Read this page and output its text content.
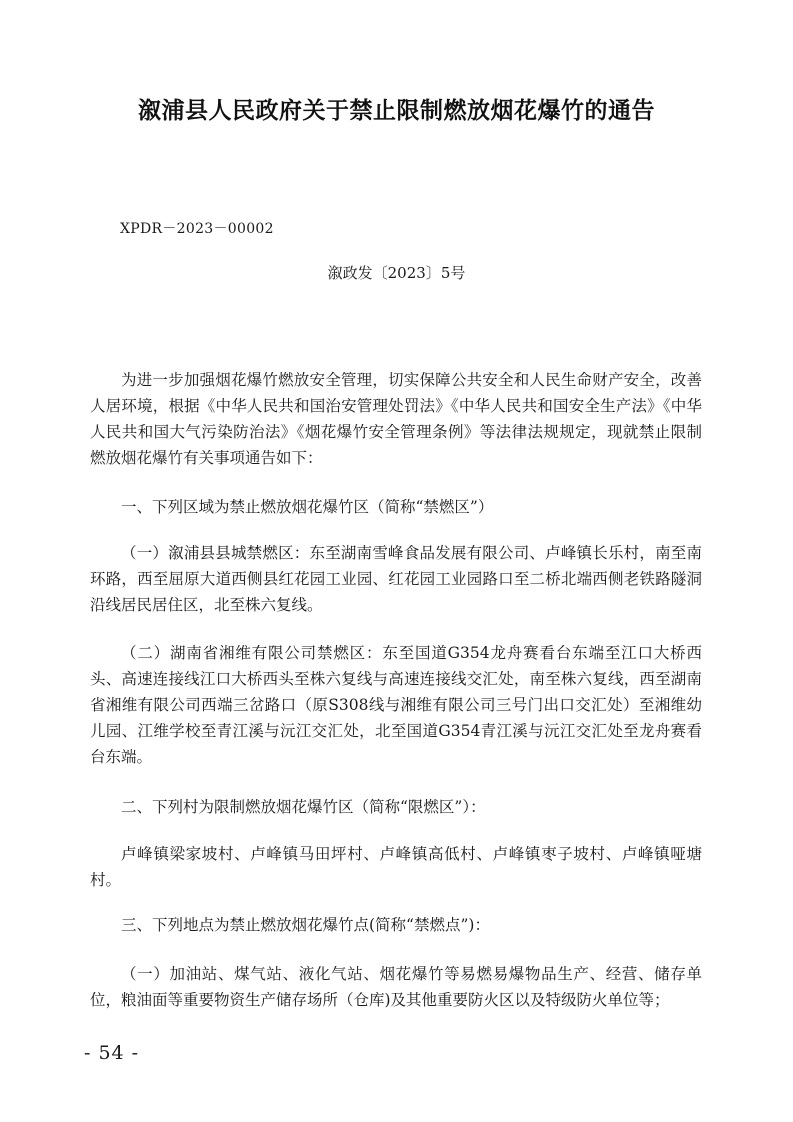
溆浦县人民政府关于禁止限制燃放烟花爆竹的通告
XPDR－2023－00002
溆政发〔2023〕5号

为进一步加强烟花爆竹燃放安全管理，切实保障公共安全和人民生命财产安全，改善人居环境，根据《中华人民共和国治安管理处罚法》《中华人民共和国安全生产法》《中华人民共和国大气污染防治法》《烟花爆竹安全管理条例》等法律法规规定，现就禁止限制燃放烟花爆竹有关事项通告如下：

一、下列区域为禁止燃放烟花爆竹区（简称“禁燃区”）

（一）溆浦县县城禁燃区：东至湖南雪峰食品发展有限公司、卢峰镇长乐村，南至南环路，西至屈原大道西侧县红花园工业园、红花园工业园路口至二桥北端西侧老铁路隧洞沿线居民居住区，北至株六复线。

（二）湖南省湘维有限公司禁燃区：东至国道G354龙舟赛看台东端至江口大桥西头、高速连接线江口大桥西头至株六复线与高速连接线交汇处，南至株六复线，西至湖南省湘维有限公司西端三岔路口（原S308线与湘维有限公司三号门出口交汇处）至湘维幼儿园、江维学校至青江溪与沅江交汇处，北至国道G354青江溪与沅江交汇处至龙舟赛看台东端。

二、下列村为限制燃放烟花爆竹区（简称“限燃区”）：

卢峰镇梁家坡村、卢峰镇马田坪村、卢峰镇高低村、卢峰镇枣子坡村、卢峰镇哑塘村。

三、下列地点为禁止燃放烟花爆竹点(简称“禁燃点”)：

（一）加油站、煤气站、液化气站、烟花爆竹等易燃易爆物品生产、经营、储存单位，粮油面等重要物资生产储存场所（仓库)及其他重要防火区以及特级防火单位等；

- 54 -
